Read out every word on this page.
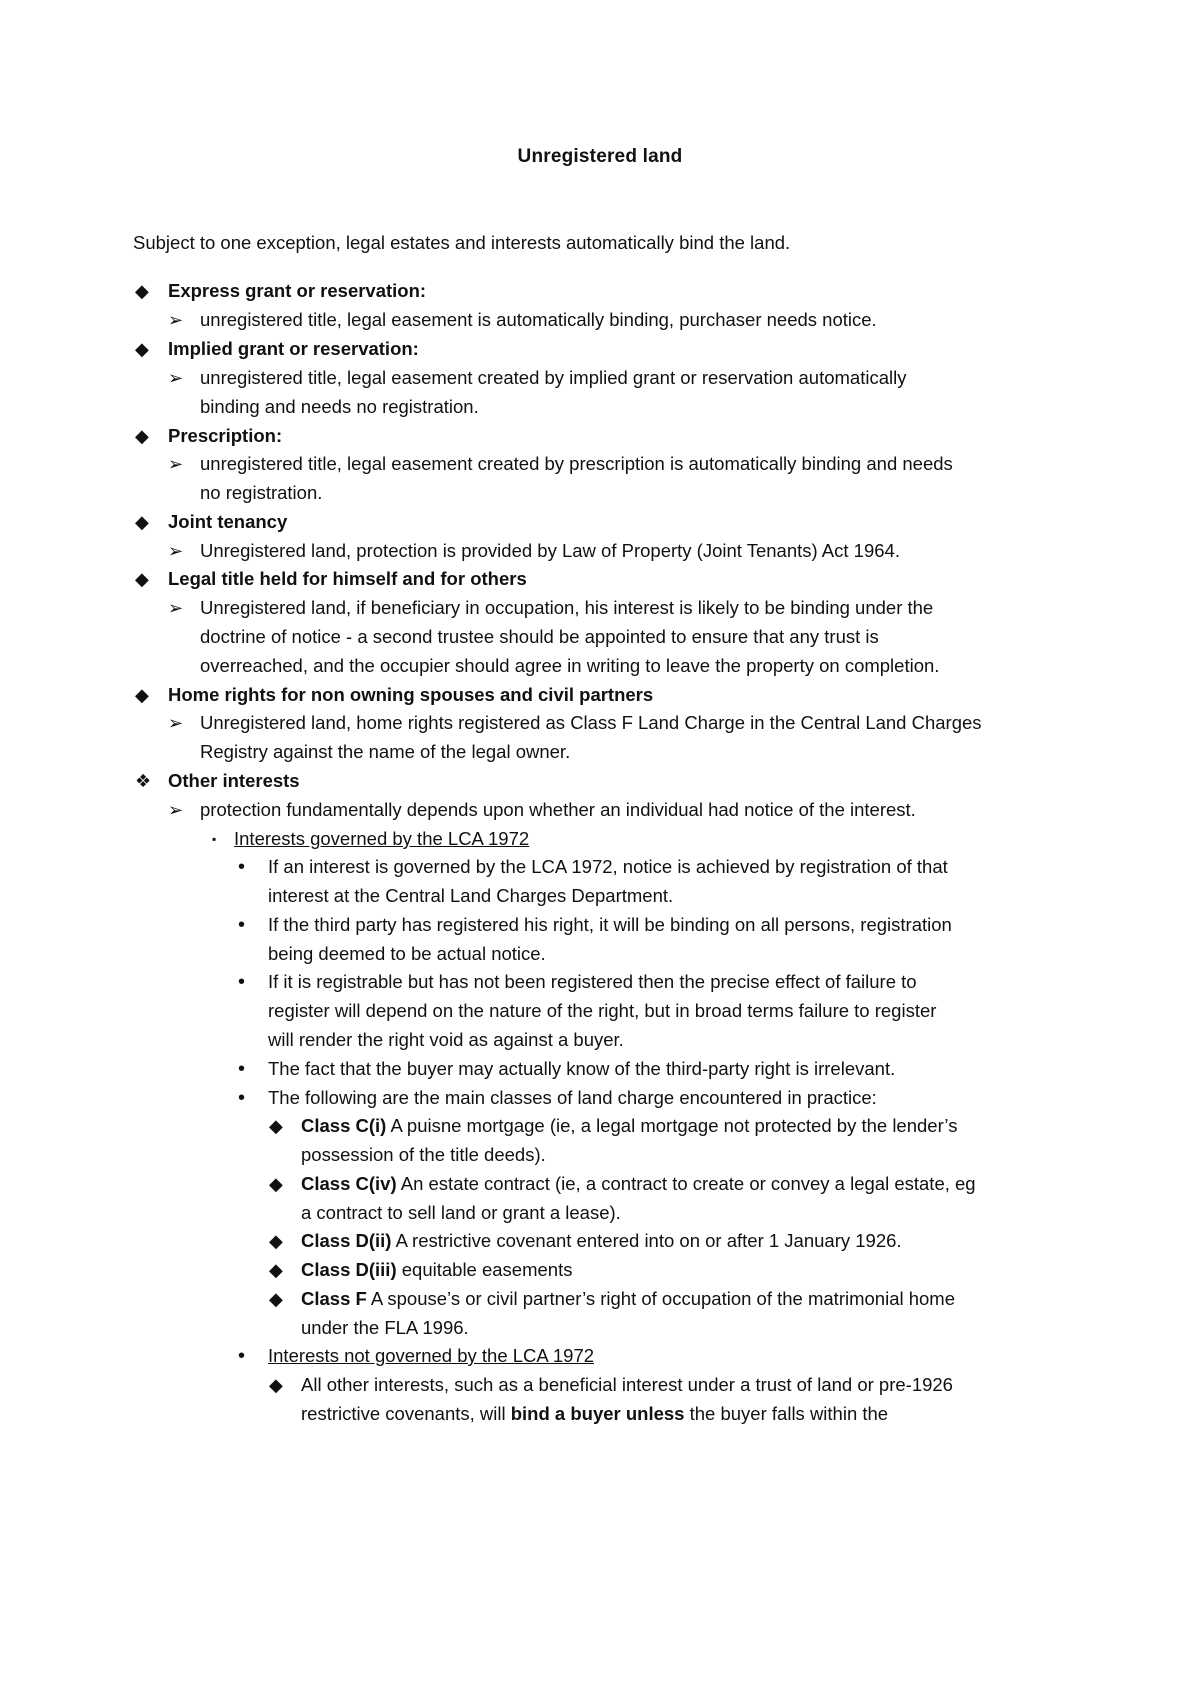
Unregistered land
Subject to one exception, legal estates and interests automatically bind the land.
◆	Express grant or reservation:
➢ unregistered title, legal easement is automatically binding, purchaser needs notice.
◆	Implied grant or reservation:
➢ unregistered title, legal easement created by implied grant or reservation automatically
binding and needs no registration.
◆	Prescription:
➢ unregistered title, legal easement created by prescription is automatically binding and needs
no registration.
◆	Joint tenancy
➢ Unregistered land, protection is provided by Law of Property (Joint Tenants) Act 1964.
◆	Legal title held for himself and for others
➢ Unregistered land, if beneficiary in occupation, his interest is likely to be binding under the
doctrine of notice - a second trustee should be appointed to ensure that any trust is
overreached, and the occupier should agree in writing to leave the property on completion.
◆	Home rights for non owning spouses and civil partners
➢ Unregistered land, home rights registered as Class F Land Charge in the Central Land Charges
Registry against the name of the legal owner.
❖ Other interests
➢ protection fundamentally depends upon whether an individual had notice of the interest.
▪ Interests governed by the LCA 1972
•	If an interest is governed by the LCA 1972, notice is achieved by registration of that
interest at the Central Land Charges Department.
•	If the third party has registered his right, it will be binding on all persons, registration
being deemed to be actual notice.
•	If it is registrable but has not been registered then the precise effect of failure to
register will depend on the nature of the right, but in broad terms failure to register
will render the right void as against a buyer.
•	The fact that the buyer may actually know of the third-party right is irrelevant.
•	The following are the main classes of land charge encountered in practice:
◆ Class C(i) A puisne mortgage (ie, a legal mortgage not protected by the lender’s
possession of the title deeds).
◆ Class C(iv) An estate contract (ie, a contract to create or convey a legal estate, eg
a contract to sell land or grant a lease).
◆ Class D(ii) A restrictive covenant entered into on or after 1 January 1926.
◆ Class D(iii) equitable easements
◆ Class F A spouse’s or civil partner’s right of occupation of the matrimonial home
under the FLA 1996.
•	Interests not governed by the LCA 1972
◆ All other interests, such as a beneficial interest under a trust of land or pre-1926
restrictive covenants, will bind a buyer unless the buyer falls within the
